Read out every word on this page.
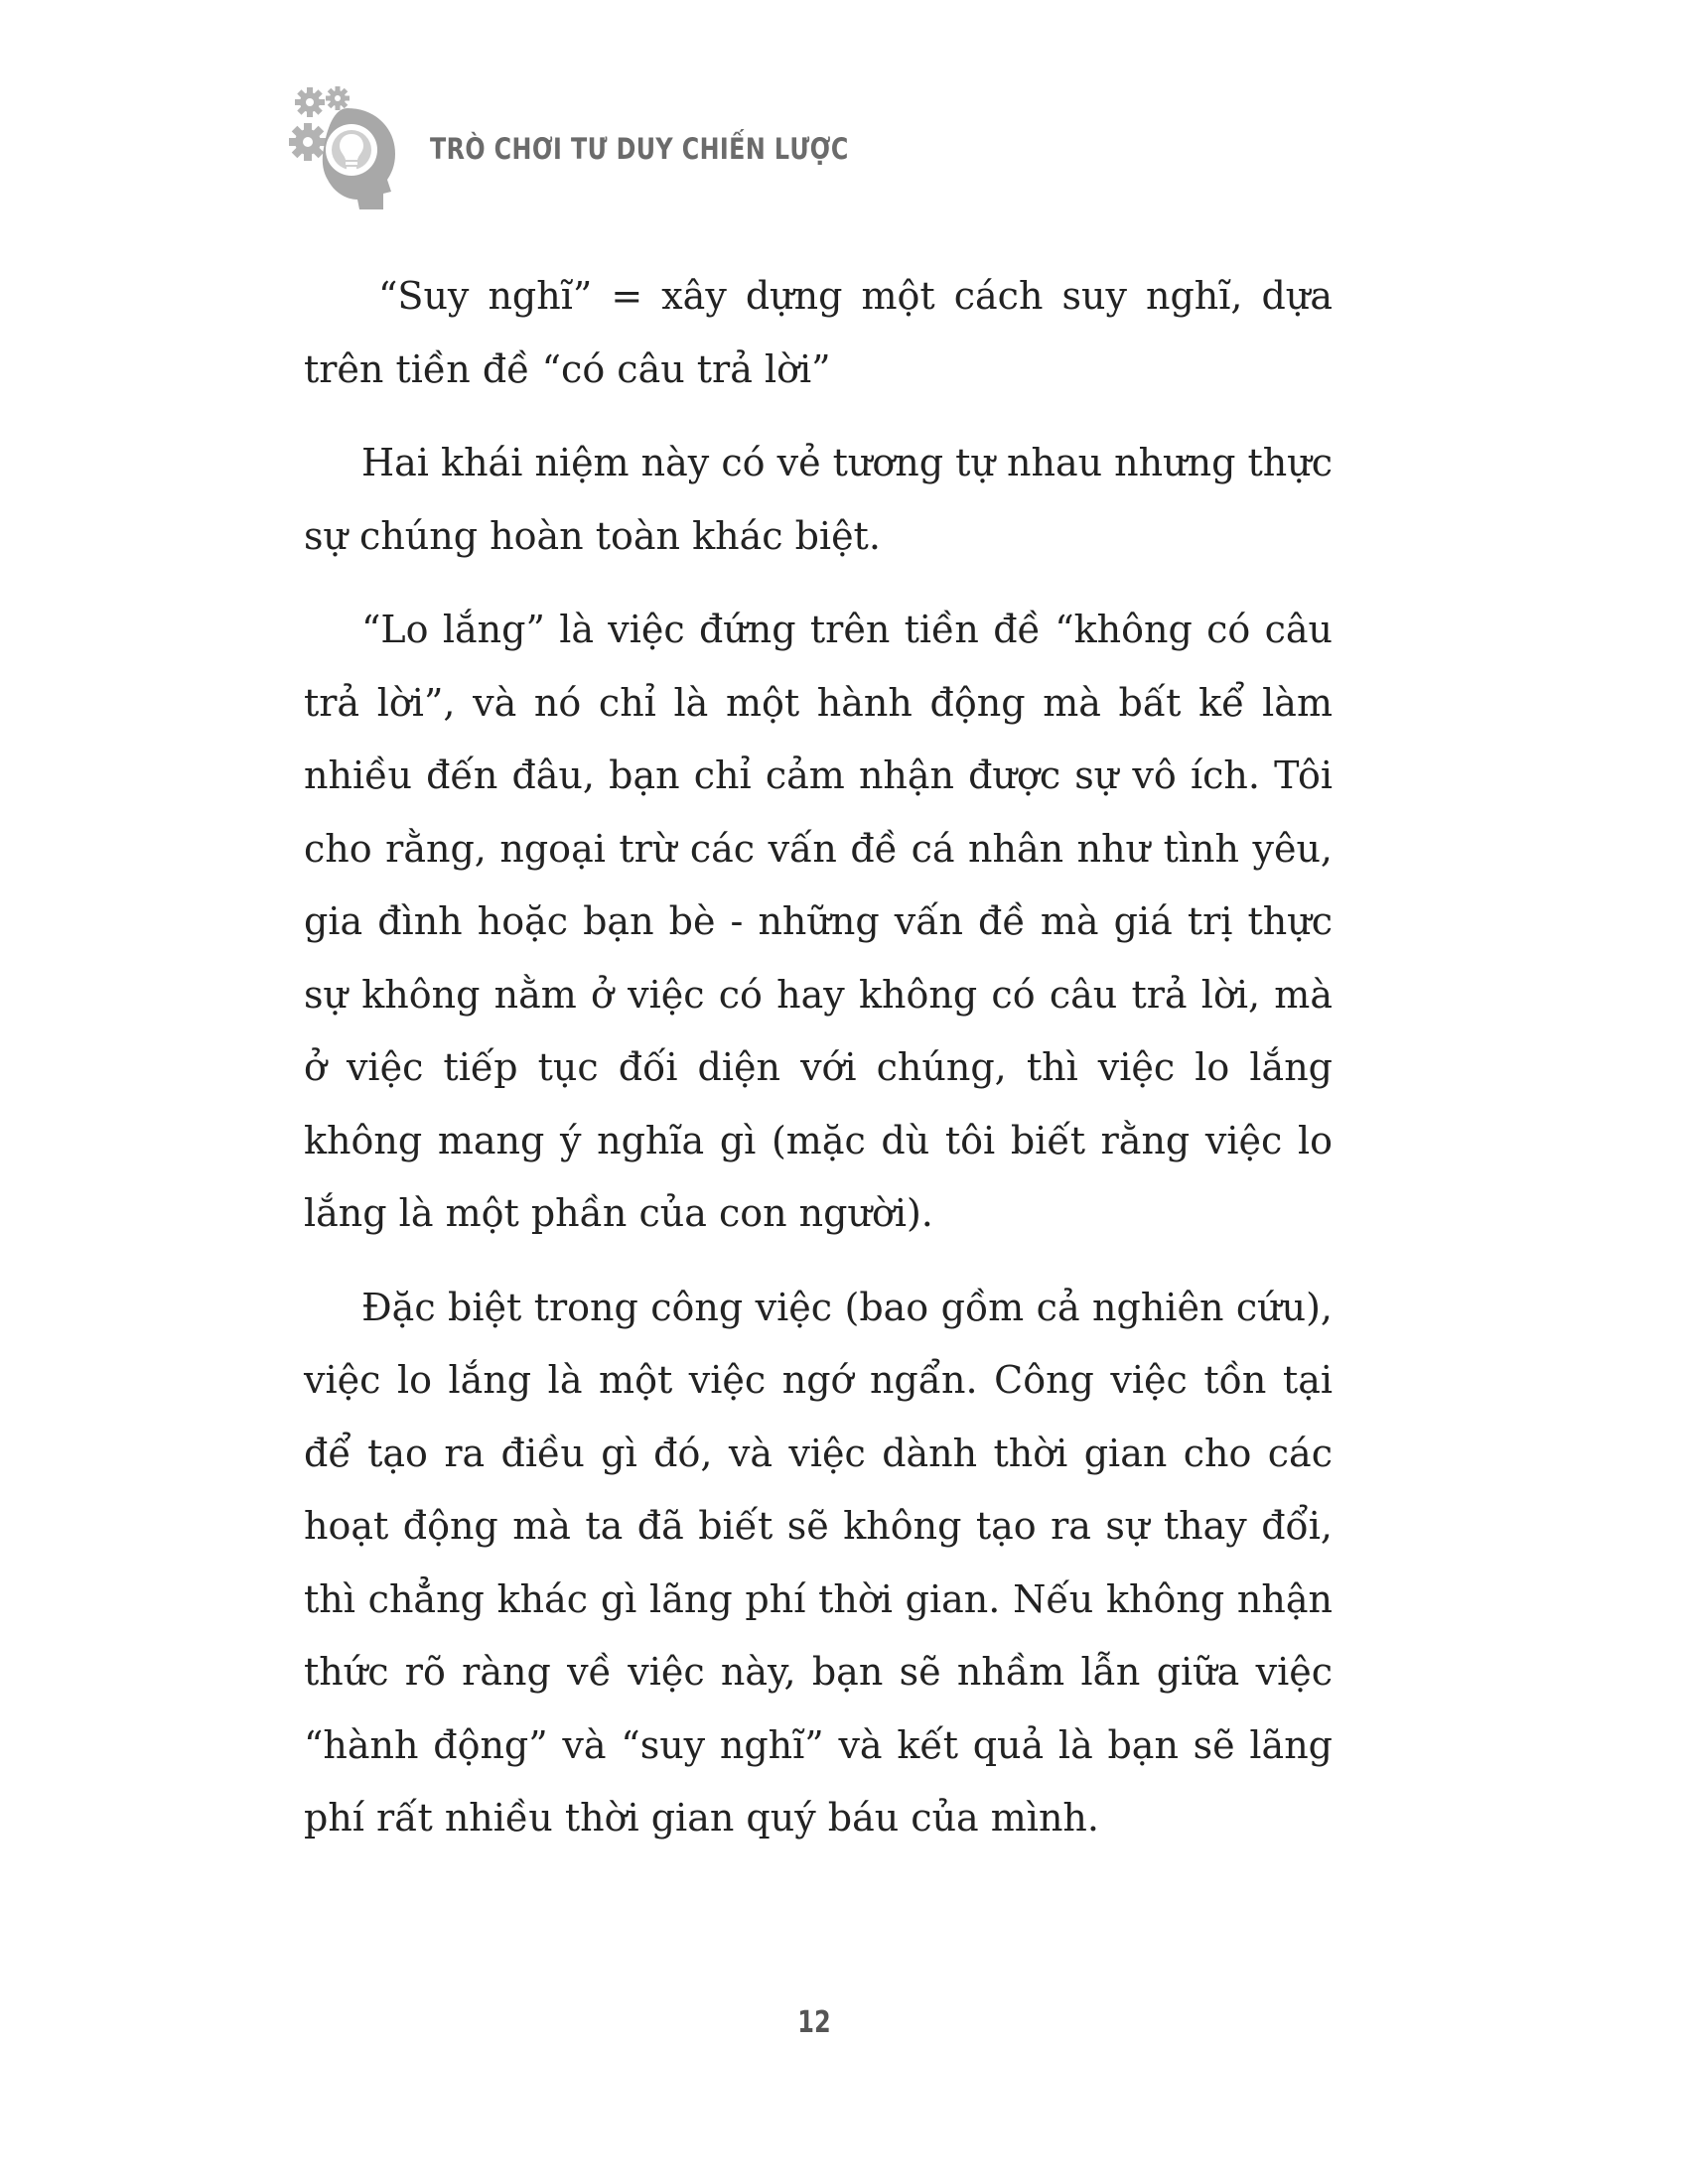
TRÒ CHƠI TƯ DUY CHIẾN LƯỢC

“Suy nghĩ” = xây dựng một cách suy nghĩ, dựa trên tiền đề “có câu trả lời”

Hai khái niệm này có vẻ tương tự nhau nhưng thực sự chúng hoàn toàn khác biệt.

“Lo lắng” là việc đứng trên tiền đề “không có câu trả lời”, và nó chỉ là một hành động mà bất kể làm nhiều đến đâu, bạn chỉ cảm nhận được sự vô ích. Tôi cho rằng, ngoại trừ các vấn đề cá nhân như tình yêu, gia đình hoặc bạn bè - những vấn đề mà giá trị thực sự không nằm ở việc có hay không có câu trả lời, mà ở việc tiếp tục đối diện với chúng, thì việc lo lắng không mang ý nghĩa gì (mặc dù tôi biết rằng việc lo lắng là một phần của con người).

Đặc biệt trong công việc (bao gồm cả nghiên cứu), việc lo lắng là một việc ngớ ngẩn. Công việc tồn tại để tạo ra điều gì đó, và việc dành thời gian cho các hoạt động mà ta đã biết sẽ không tạo ra sự thay đổi, thì chẳng khác gì lãng phí thời gian. Nếu không nhận thức rõ ràng về việc này, bạn sẽ nhầm lẫn giữa việc “hành động” và “suy nghĩ” và kết quả là bạn sẽ lãng phí rất nhiều thời gian quý báu của mình.

12
